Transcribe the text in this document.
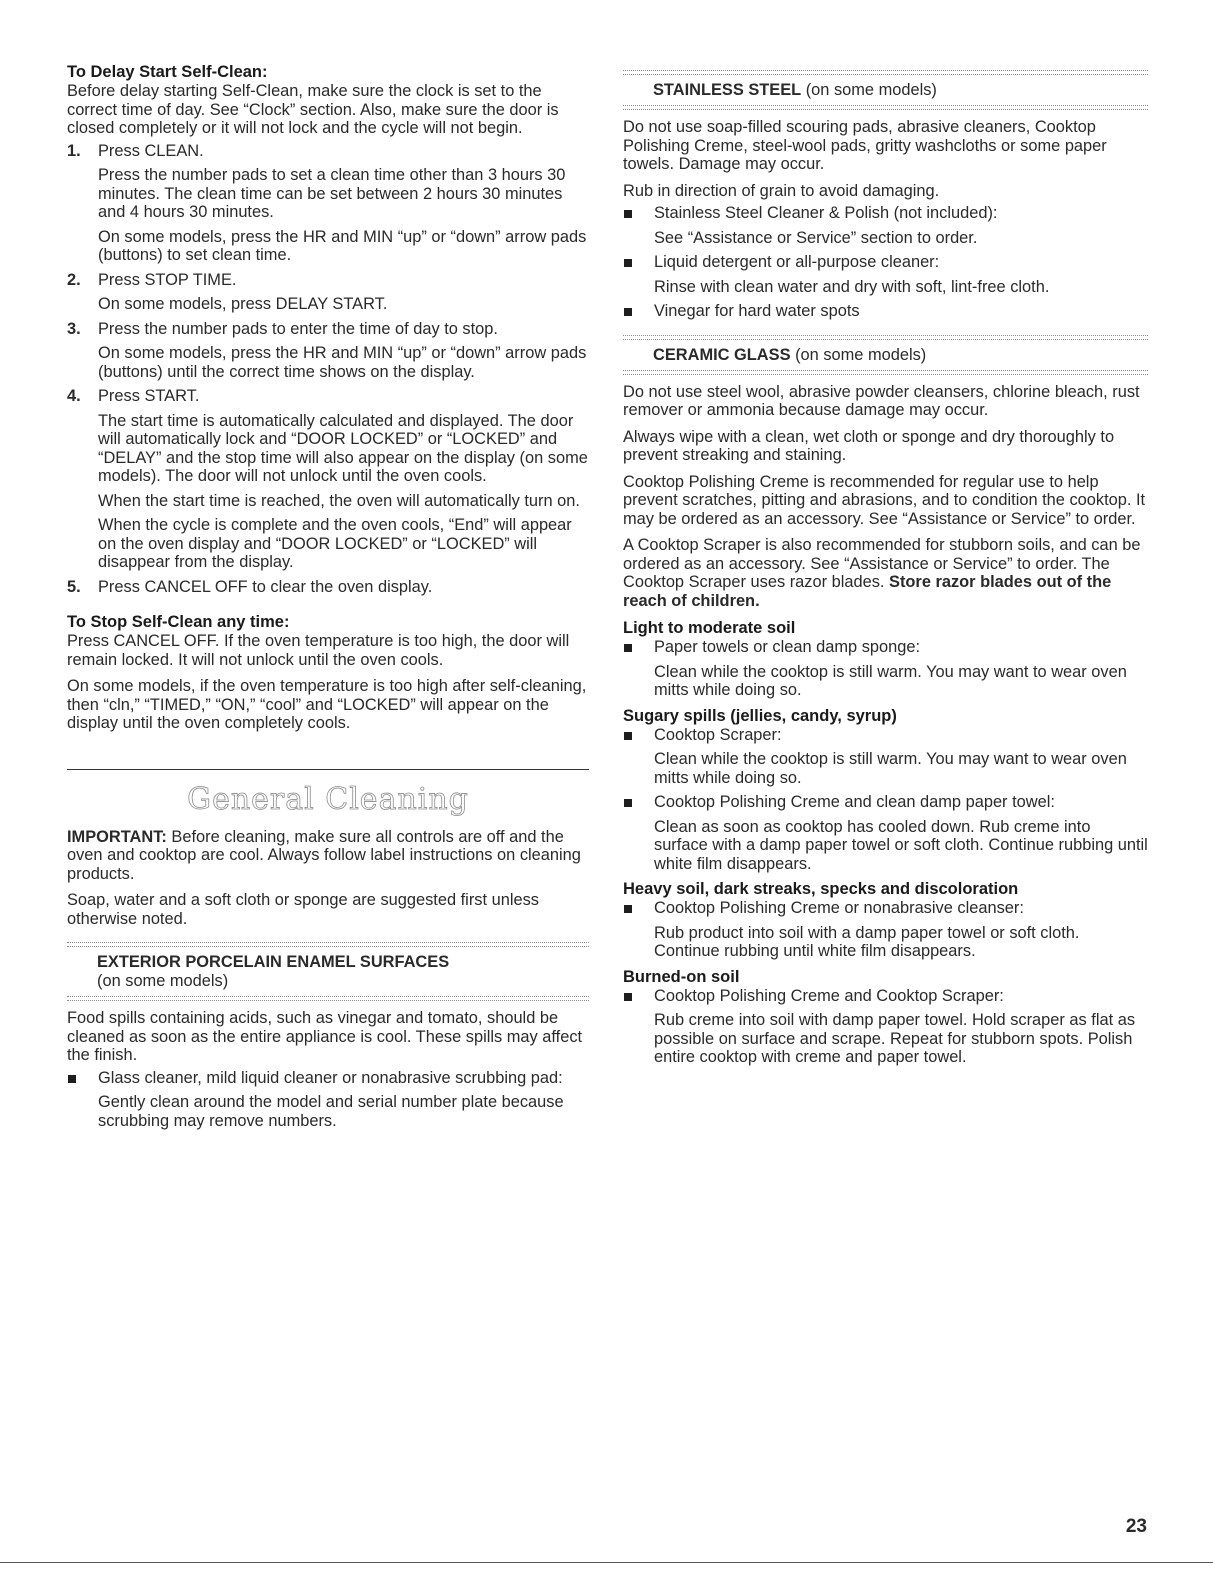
To Delay Start Self-Clean:

Before delay starting Self-Clean, make sure the clock is set to the correct time of day. See “Clock” section. Also, make sure the door is closed completely or it will not lock and the cycle will not begin.

1. Press CLEAN.

Press the number pads to set a clean time other than 3 hours 30 minutes. The clean time can be set between 2 hours 30 minutes and 4 hours 30 minutes.

On some models, press the HR and MIN “up” or “down” arrow pads (buttons) to set clean time.

2. Press STOP TIME.

On some models, press DELAY START.

3. Press the number pads to enter the time of day to stop.

On some models, press the HR and MIN “up” or “down” arrow pads (buttons) until the correct time shows on the display.

4. Press START.

The start time is automatically calculated and displayed. The door will automatically lock and “DOOR LOCKED” or “LOCKED” and “DELAY” and the stop time will also appear on the display (on some models). The door will not unlock until the oven cools.

When the start time is reached, the oven will automatically turn on.

When the cycle is complete and the oven cools, “End” will appear on the oven display and “DOOR LOCKED” or “LOCKED” will disappear from the display.

5. Press CANCEL OFF to clear the oven display.

To Stop Self-Clean any time:

Press CANCEL OFF. If the oven temperature is too high, the door will remain locked. It will not unlock until the oven cools.

On some models, if the oven temperature is too high after self-cleaning, then “cln,” “TIMED,” “ON,” “cool” and “LOCKED” will appear on the display until the oven completely cools.

General Cleaning

IMPORTANT: Before cleaning, make sure all controls are off and the oven and cooktop are cool. Always follow label instructions on cleaning products.

Soap, water and a soft cloth or sponge are suggested first unless otherwise noted.

EXTERIOR PORCELAIN ENAMEL SURFACES
(on some models)

Food spills containing acids, such as vinegar and tomato, should be cleaned as soon as the entire appliance is cool. These spills may affect the finish.

Glass cleaner, mild liquid cleaner or nonabrasive scrubbing pad:

Gently clean around the model and serial number plate because scrubbing may remove numbers.

STAINLESS STEEL (on some models)

Do not use soap-filled scouring pads, abrasive cleaners, Cooktop Polishing Creme, steel-wool pads, gritty washcloths or some paper towels. Damage may occur.

Rub in direction of grain to avoid damaging.

Stainless Steel Cleaner & Polish (not included):

See “Assistance or Service” section to order.

Liquid detergent or all-purpose cleaner:

Rinse with clean water and dry with soft, lint-free cloth.

Vinegar for hard water spots

CERAMIC GLASS (on some models)

Do not use steel wool, abrasive powder cleansers, chlorine bleach, rust remover or ammonia because damage may occur.

Always wipe with a clean, wet cloth or sponge and dry thoroughly to prevent streaking and staining.

Cooktop Polishing Creme is recommended for regular use to help prevent scratches, pitting and abrasions, and to condition the cooktop. It may be ordered as an accessory. See “Assistance or Service” to order.

A Cooktop Scraper is also recommended for stubborn soils, and can be ordered as an accessory. See “Assistance or Service” to order. The Cooktop Scraper uses razor blades. Store razor blades out of the reach of children.

Light to moderate soil

Paper towels or clean damp sponge:

Clean while the cooktop is still warm. You may want to wear oven mitts while doing so.

Sugary spills (jellies, candy, syrup)

Cooktop Scraper:

Clean while the cooktop is still warm. You may want to wear oven mitts while doing so.

Cooktop Polishing Creme and clean damp paper towel:

Clean as soon as cooktop has cooled down. Rub creme into surface with a damp paper towel or soft cloth. Continue rubbing until white film disappears.

Heavy soil, dark streaks, specks and discoloration

Cooktop Polishing Creme or nonabrasive cleanser:

Rub product into soil with a damp paper towel or soft cloth. Continue rubbing until white film disappears.

Burned-on soil

Cooktop Polishing Creme and Cooktop Scraper:

Rub creme into soil with damp paper towel. Hold scraper as flat as possible on surface and scrape. Repeat for stubborn spots. Polish entire cooktop with creme and paper towel.

23
